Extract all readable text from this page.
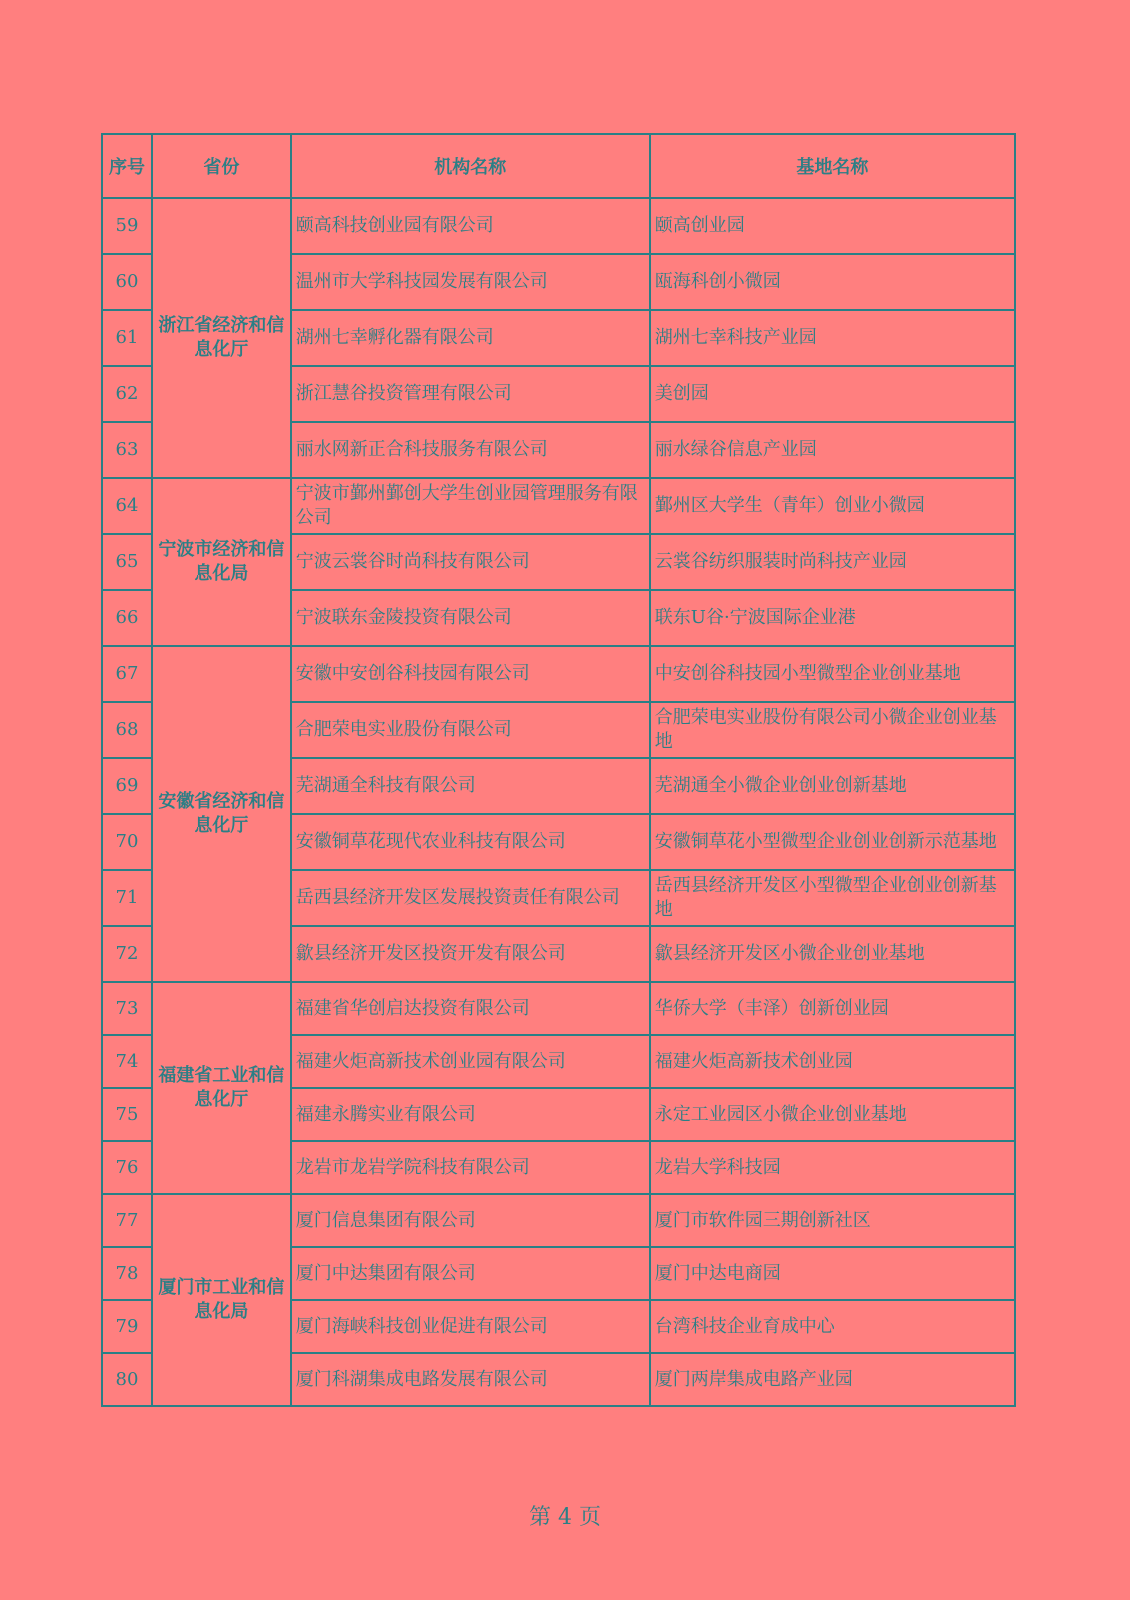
序号	省份	机构名称	基地名称
59	浙江省经济和信息化厅	颐高科技创业园有限公司	颐高创业园
60		温州市大学科技园发展有限公司	瓯海科创小微园
61		湖州七幸孵化器有限公司	湖州七幸科技产业园
62		浙江慧谷投资管理有限公司	美创园
63		丽水网新正合科技服务有限公司	丽水绿谷信息产业园
64	宁波市经济和信息化局	宁波市鄞州鄞创大学生创业园管理服务有限公司	鄞州区大学生（青年）创业小微园
65		宁波云裳谷时尚科技有限公司	云裳谷纺织服装时尚科技产业园
66		宁波联东金陵投资有限公司	联东U谷·宁波国际企业港
67	安徽省经济和信息化厅	安徽中安创谷科技园有限公司	中安创谷科技园小型微型企业创业基地
68		合肥荣电实业股份有限公司	合肥荣电实业股份有限公司小微企业创业基地
69		芜湖通全科技有限公司	芜湖通全小微企业创业创新基地
70		安徽铜草花现代农业科技有限公司	安徽铜草花小型微型企业创业创新示范基地
71		岳西县经济开发区发展投资责任有限公司	岳西县经济开发区小型微型企业创业创新基地
72		歙县经济开发区投资开发有限公司	歙县经济开发区小微企业创业基地
73	福建省工业和信息化厅	福建省华创启达投资有限公司	华侨大学（丰泽）创新创业园
74		福建火炬高新技术创业园有限公司	福建火炬高新技术创业园
75		福建永腾实业有限公司	永定工业园区小微企业创业基地
76		龙岩市龙岩学院科技有限公司	龙岩大学科技园
77	厦门市工业和信息化局	厦门信息集团有限公司	厦门市软件园三期创新社区
78		厦门中达集团有限公司	厦门中达电商园
79		厦门海峡科技创业促进有限公司	台湾科技企业育成中心
80		厦门科湖集成电路发展有限公司	厦门两岸集成电路产业园
第 4 页
